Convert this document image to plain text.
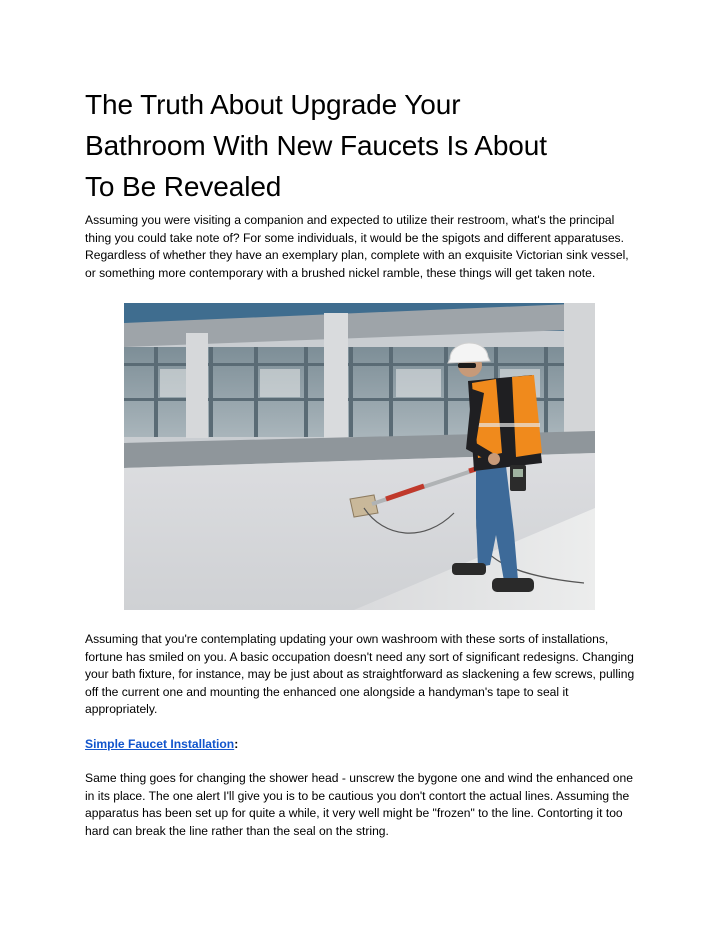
The Truth About Upgrade Your
Bathroom With New Faucets Is About
To Be Revealed

Assuming you were visiting a companion and expected to utilize their restroom, what's the principal thing you could take note of? For some individuals, it would be the spigots and different apparatuses. Regardless of whether they have an exemplary plan, complete with an exquisite Victorian sink vessel, or something more contemporary with a brushed nickel ramble, these things will get taken note.

Assuming that you're contemplating updating your own washroom with these sorts of installations, fortune has smiled on you. A basic occupation doesn't need any sort of significant redesigns. Changing your bath fixture, for instance, may be just about as straightforward as slackening a few screws, pulling off the current one and mounting the enhanced one alongside a handyman's tape to seal it appropriately.

Simple Faucet Installation:

Same thing goes for changing the shower head - unscrew the bygone one and wind the enhanced one in its place. The one alert I'll give you is to be cautious you don't contort the actual lines. Assuming the apparatus has been set up for quite a while, it very well might be "frozen" to the line. Contorting it too hard can break the line rather than the seal on the string.
